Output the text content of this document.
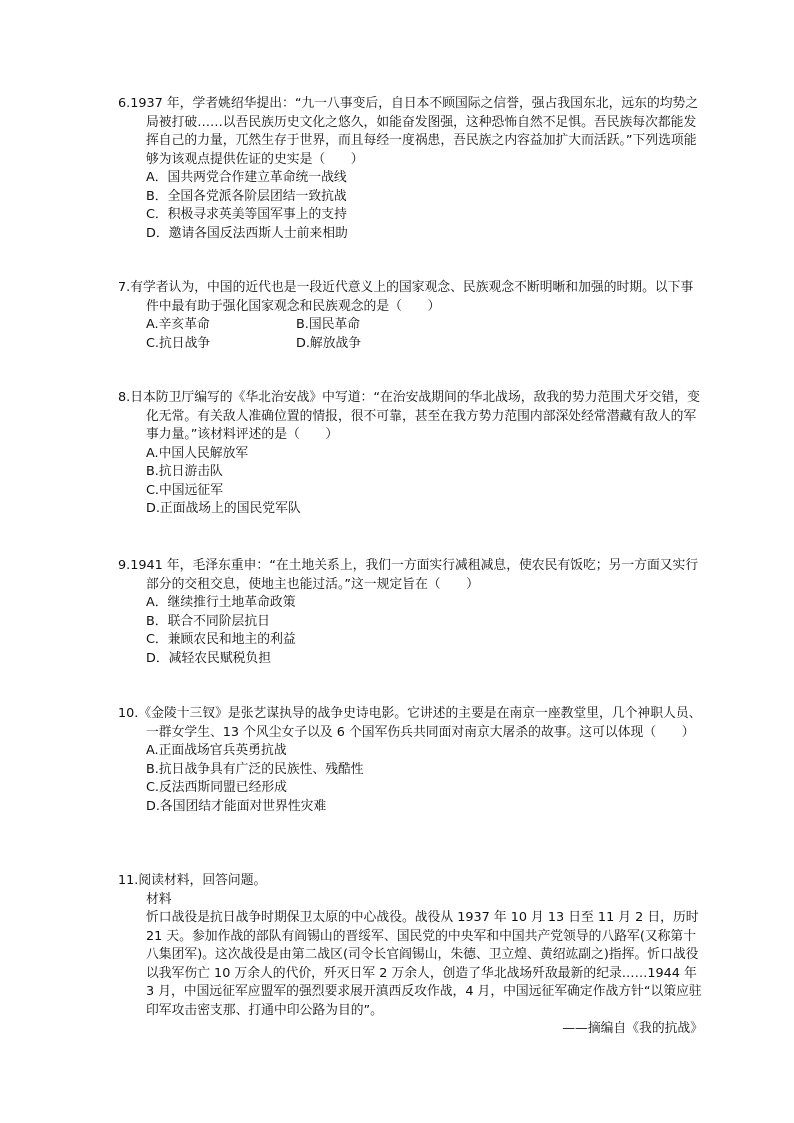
6.1937 年，学者姚绍华提出：“九一八事变后，自日本不顾国际之信誉，强占我国东北，远东的均势之局被打破……以吾民族历史文化之悠久，如能奋发图强，这种恐怖自然不足惧。吾民族每次都能发挥自己的力量，兀然生存于世界，而且每经一度祸患，吾民族之内容益加扩大而活跃。”下列选项能够为该观点提供佐证的史实是（　　）
A．国共两党合作建立革命统一战线
B．全国各党派各阶层团结一致抗战
C．积极寻求英美等国军事上的支持
D．邀请各国反法西斯人士前来相助
7.有学者认为，中国的近代也是一段近代意义上的国家观念、民族观念不断明晰和加强的时期。以下事件中最有助于强化国家观念和民族观念的是（　　）
A.辛亥革命	B.国民革命
C.抗日战争	D.解放战争
8.日本防卫厅编写的《华北治安战》中写道：“在治安战期间的华北战场，敌我的势力范围犬牙交错，变化无常。有关敌人准确位置的情报，很不可靠，甚至在我方势力范围内部深处经常潜藏有敌人的军事力量。”该材料评述的是（　　）
A.中国人民解放军
B.抗日游击队
C.中国远征军
D.正面战场上的国民党军队
9.1941 年，毛泽东重申：“在土地关系上，我们一方面实行减租减息，使农民有饭吃；另一方面又实行部分的交租交息，使地主也能过活。”这一规定旨在（　　）
A．继续推行土地革命政策
B．联合不同阶层抗日
C．兼顾农民和地主的利益
D．减轻农民赋税负担
10.《金陵十三钗》是张艺谋执导的战争史诗电影。它讲述的主要是在南京一座教堂里，几个神职人员、一群女学生、13 个风尘女子以及 6 个国军伤兵共同面对南京大屠杀的故事。这可以体现（　　）
A.正面战场官兵英勇抗战
B.抗日战争具有广泛的民族性、残酷性
C.反法西斯同盟已经形成
D.各国团结才能面对世界性灾难
11.阅读材料，回答问题。
材料
忻口战役是抗日战争时期保卫太原的中心战役。战役从 1937 年 10 月 13 日至 11 月 2 日，历时 21 天。参加作战的部队有阎锡山的晋绥军、国民党的中央军和中国共产党领导的八路军(又称第十八集团军)。这次战役是由第二战区(司令长官阎锡山，朱德、卫立煌、黄绍竑副之)指挥。忻口战役以我军伤亡 10 万余人的代价，歼灭日军 2 万余人，创造了华北战场歼敌最新的纪录……1944 年 3 月，中国远征军应盟军的强烈要求展开滇西反攻作战，4 月，中国远征军确定作战方针“以策应驻印军攻击密支那、打通中印公路为目的”。
——摘编自《我的抗战》
